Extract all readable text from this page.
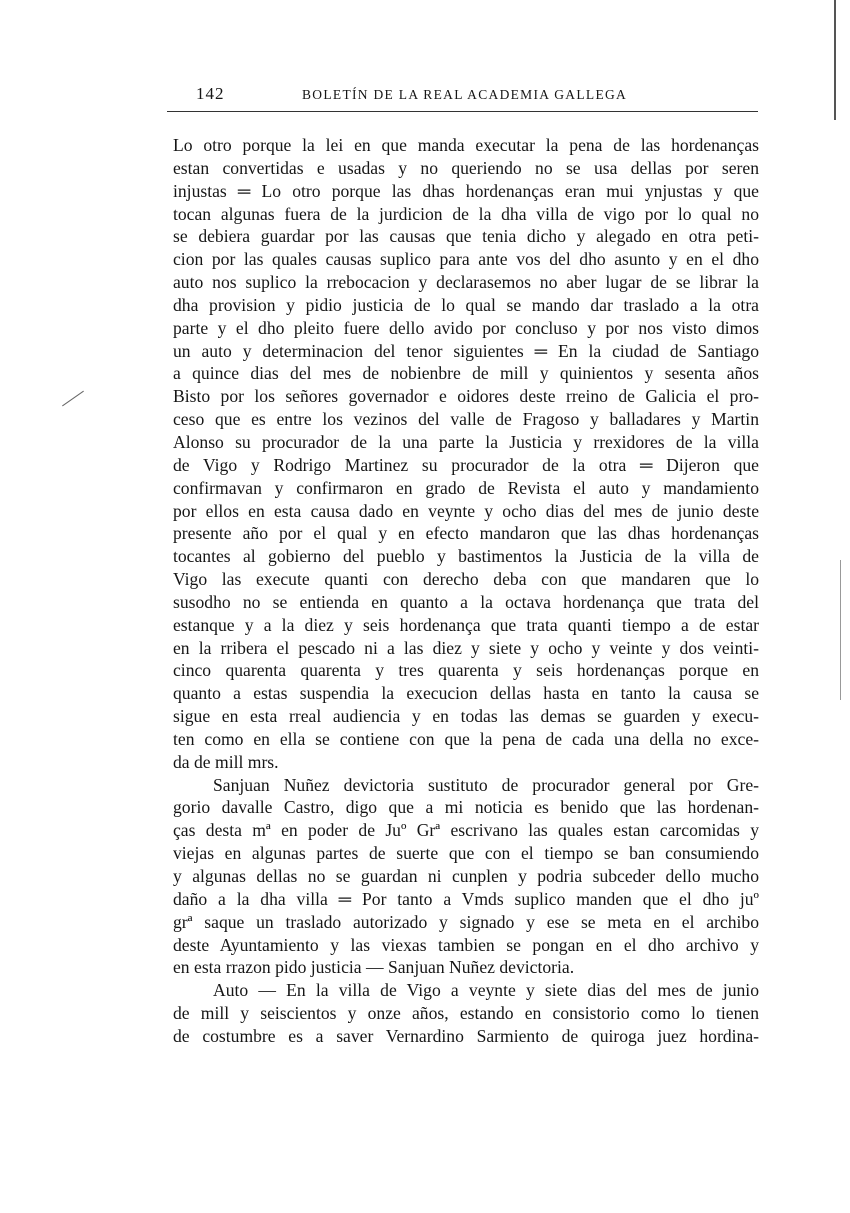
142	BOLETÍN DE LA REAL ACADEMIA GALLEGA
Lo otro porque la lei en que manda executar la pena de las hordenanças
estan convertidas e usadas y no queriendo no se usa dellas por seren
injustas ═ Lo otro porque las dhas hordenanças eran mui ynjustas y que
tocan algunas fuera de la jurdicion de la dha villa de vigo por lo qual no
se debiera guardar por las causas que tenia dicho y alegado en otra peti-
cion por las quales causas suplico para ante vos del dho asunto y en el dho
auto nos suplico la rrebocacion y declarasemos no aber lugar de se librar la
dha provision y pidio justicia de lo qual se mando dar traslado a la otra
parte y el dho pleito fuere dello avido por concluso y por nos visto dimos
un auto y determinacion del tenor siguientes ═ En la ciudad de Santiago
a quince dias del mes de nobienbre de mill y quinientos y sesenta años
Bisto por los señores governador e oidores deste rreino de Galicia el pro-
ceso que es entre los vezinos del valle de Fragoso y balladares y Martin
Alonso su procurador de la una parte la Justicia y rrexidores de la villa
de Vigo y Rodrigo Martinez su procurador de la otra ═ Dijeron que
confirmavan y confirmaron en grado de Revista el auto y mandamiento
por ellos en esta causa dado en veynte y ocho dias del mes de junio deste
presente año por el qual y en efecto mandaron que las dhas hordenanças
tocantes al gobierno del pueblo y bastimentos la Justicia de la villa de
Vigo las execute quanti con derecho deba con que mandaren que lo
susodho no se entienda en quanto a la octava hordenança que trata del
estanque y a la diez y seis hordenança que trata quanti tiempo a de estar
en la rribera el pescado ni a las diez y siete y ocho y veinte y dos veinti-
cinco quarenta quarenta y tres quarenta y seis hordenanças porque en
quanto a estas suspendia la execucion dellas hasta en tanto la causa se
sigue en esta rreal audiencia y en todas las demas se guarden y execu-
ten como en ella se contiene con que la pena de cada una della no exce-
da de mill mrs.
Sanjuan Nuñez devictoria sustituto de procurador general por Gre-
gorio davalle Castro, digo que a mi noticia es benido que las hordenan-
ças desta mª en poder de Juº Grª escrivano las quales estan carcomidas y
viejas en algunas partes de suerte que con el tiempo se ban consumiendo
y algunas dellas no se guardan ni cunplen y podria subceder dello mucho
daño a la dha villa ═ Por tanto a Vmds suplico manden que el dho juº
grª saque un traslado autorizado y signado y ese se meta en el archibo
deste Ayuntamiento y las viexas tambien se pongan en el dho archivo y
en esta rrazon pido justicia — Sanjuan Nuñez devictoria.
Auto — En la villa de Vigo a veynte y siete dias del mes de junio
de mill y seiscientos y onze años, estando en consistorio como lo tienen
de costumbre es a saver Vernardino Sarmiento de quiroga juez hordina-
